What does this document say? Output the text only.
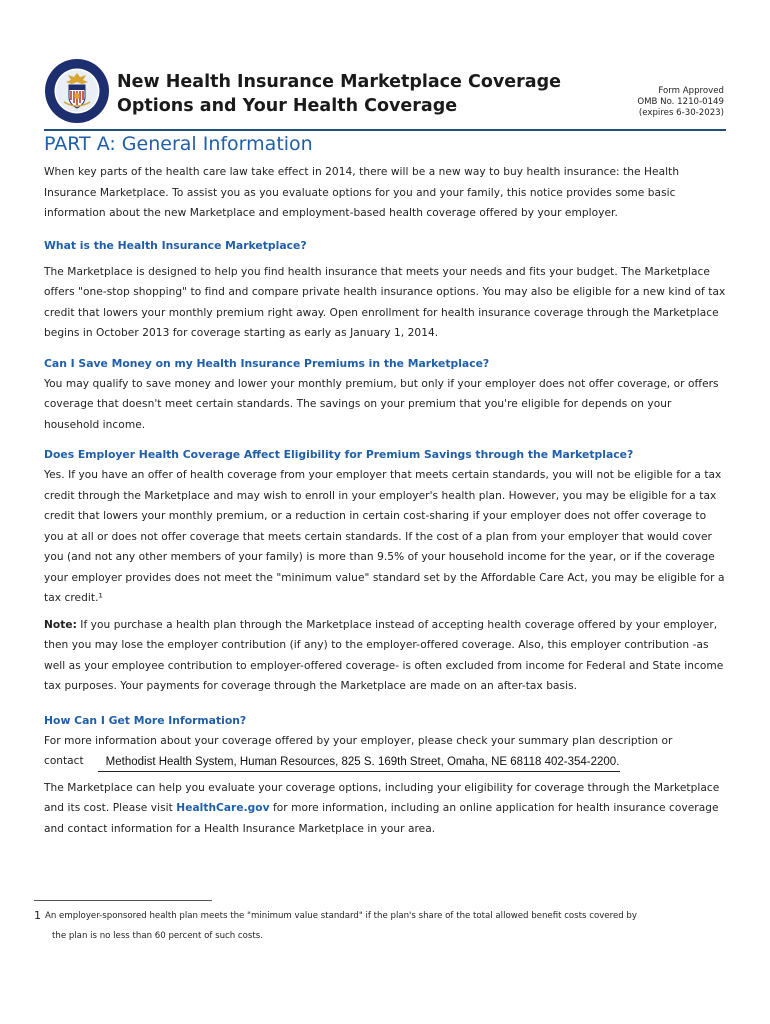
New Health Insurance Marketplace Coverage
Options and Your Health Coverage
Form Approved
OMB No. 1210-0149
(expires 6-30-2023)
PART A: General Information

When key parts of the health care law take effect in 2014, there will be a new way to buy health insurance: the Health Insurance Marketplace. To assist you as you evaluate options for you and your family, this notice provides some basic information about the new Marketplace and employment-based health coverage offered by your employer.

What is the Health Insurance Marketplace?

The Marketplace is designed to help you find health insurance that meets your needs and fits your budget. The Marketplace offers "one-stop shopping" to find and compare private health insurance options. You may also be eligible for a new kind of tax credit that lowers your monthly premium right away. Open enrollment for health insurance coverage through the Marketplace begins in October 2013 for coverage starting as early as January 1, 2014.

Can I Save Money on my Health Insurance Premiums in the Marketplace?

You may qualify to save money and lower your monthly premium, but only if your employer does not offer coverage, or offers coverage that doesn't meet certain standards. The savings on your premium that you're eligible for depends on your household income.

Does Employer Health Coverage Affect Eligibility for Premium Savings through the Marketplace?

Yes. If you have an offer of health coverage from your employer that meets certain standards, you will not be eligible for a tax credit through the Marketplace and may wish to enroll in your employer's health plan. However, you may be eligible for a tax credit that lowers your monthly premium, or a reduction in certain cost-sharing if your employer does not offer coverage to you at all or does not offer coverage that meets certain standards. If the cost of a plan from your employer that would cover you (and not any other members of your family) is more than 9.5% of your household income for the year, or if the coverage your employer provides does not meet the "minimum value" standard set by the Affordable Care Act, you may be eligible for a tax credit.¹

Note: If you purchase a health plan through the Marketplace instead of accepting health coverage offered by your employer, then you may lose the employer contribution (if any) to the employer-offered coverage. Also, this employer contribution -as well as your employee contribution to employer-offered coverage- is often excluded from income for Federal and State income tax purposes. Your payments for coverage through the Marketplace are made on an after-tax basis.

How Can I Get More Information?

For more information about your coverage offered by your employer, please check your summary plan description or

contact	Methodist Health System, Human Resources, 825 S. 169th Street, Omaha, NE 68118 402-354-2200.

The Marketplace can help you evaluate your coverage options, including your eligibility for coverage through the Marketplace and its cost. Please visit HealthCare.gov for more information, including an online application for health insurance coverage and contact information for a Health Insurance Marketplace in your area.

1 An employer-sponsored health plan meets the "minimum value standard" if the plan's share of the total allowed benefit costs covered by
the plan is no less than 60 percent of such costs.
